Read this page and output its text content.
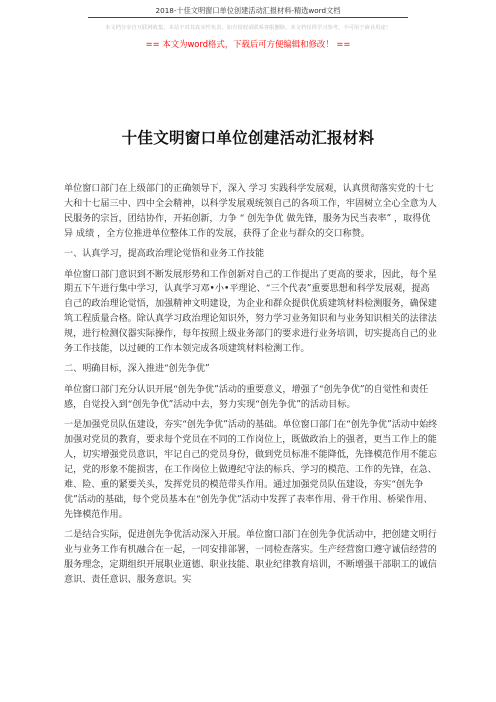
2018-十佳文明窗口单位创建活动汇报材料-精选word文档
本文档分享自互联网收集，本站不对其真实性负责，如有侵权请联系客服删除，本文档仅供学习参考，不可用于商业用途！
== 本文为word格式，下载后可方便编辑和修改！ ==
十佳文明窗口单位创建活动汇报材料

单位窗口部门在上级部门的正确领导下，深入 学习 实践科学发展观，认真贯彻落实党的十七大和十七届三中、四中全会精神，以科学发展观统领自己的各项工作，牢固树立全心全意为人民服务的宗旨，团结协作，开拓创新，力争 “ 创先争优 做先锋，服务为民当表率” ，取得优异 成绩 ，全方位推进单位整体工作的发展，获得了企业与群众的交口称赞。

一、认真学习，提高政治理论觉悟和业务工作技能

单位窗口部门意识到不断发展形势和工作创新对自己的工作提出了更高的要求，因此，每个星期五下午进行集中学习，认真学习邓•小•平理论、“三个代表”重要思想和科学发展观，提高自己的政治理论觉悟，加强精神文明建设，为企业和群众提供优质建筑材料检测服务，确保建筑工程质量合格。除认真学习政治理论知识外，努力学习业务知识和与业务知识相关的法律法规，进行检测仪器实际操作，每年按照上级业务部门的要求进行业务培训，切实提高自己的业务工作技能，以过硬的工作本领完成各项建筑材料检测工作。

二、明确目标，深入推进“创先争优”

单位窗口部门充分认识开展“创先争优”活动的重要意义，增强了“创先争优”的自觉性和责任感，自觉投入到“创先争优”活动中去，努力实现“创先争优”的活动目标。

一是加强党员队伍建设，夯实“创先争优”活动的基础。单位窗口部门在“创先争优”活动中始终加强对党员的教育，要求每个党员在不同的工作岗位上，既做政治上的强者，更当工作上的能人，切实增强党员意识，牢记自己的党员身份，做到党员标准不能降低，先锋模范作用不能忘记，党的形象不能损害，在工作岗位上做遵纪守法的标兵、学习的模范、工作的先锋，在急、难、险、重的紧要关头，发挥党员的模范带头作用。通过加强党员队伍建设，夯实“创先争优”活动的基础，每个党员基本在“创先争优”活动中发挥了表率作用、骨干作用、桥梁作用、先锋模范作用。

二是结合实际，促进创先争优活动深入开展。单位窗口部门在创先争优活动中，把创建文明行业与业务工作有机融合在一起，一同安排部署，一同检查落实。生产经营窗口遵守诚信经营的服务理念，定期组织开展职业道德、职业技能、职业纪律教育培训，不断增强干部职工的诚信意识、责任意识、服务意识。实
